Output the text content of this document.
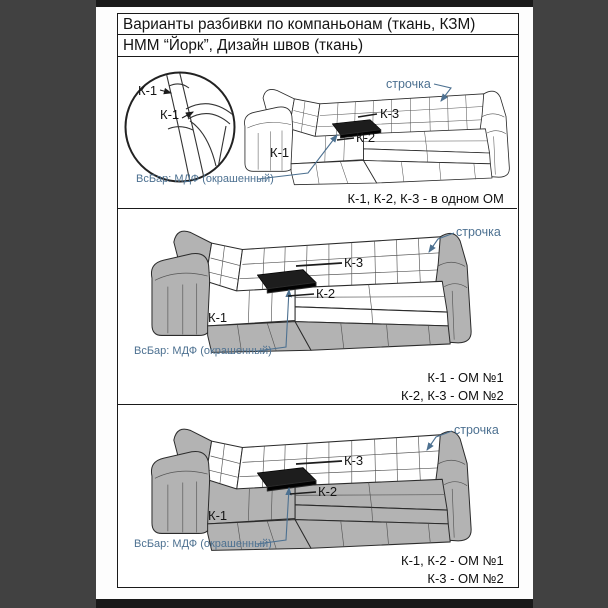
Варианты разбивки по компаньонам (ткань, КЗМ)
НММ “Йорк”, Дизайн швов (ткань)
К-1
К-1
строчка
К-3
К-2
К-1
ВсБар: МДФ (окрашенный)
К-1, К-2, К-3 - в одном ОМ
строчка
К-3
К-2
К-1
ВсБар: МДФ (окрашенный)
К-1 - ОМ №1
К-2, К-3 - ОМ №2
строчка
К-3
К-2
К-1
ВсБар: МДФ (окрашенный)
К-1, К-2 - ОМ №1
К-3 - ОМ №2
